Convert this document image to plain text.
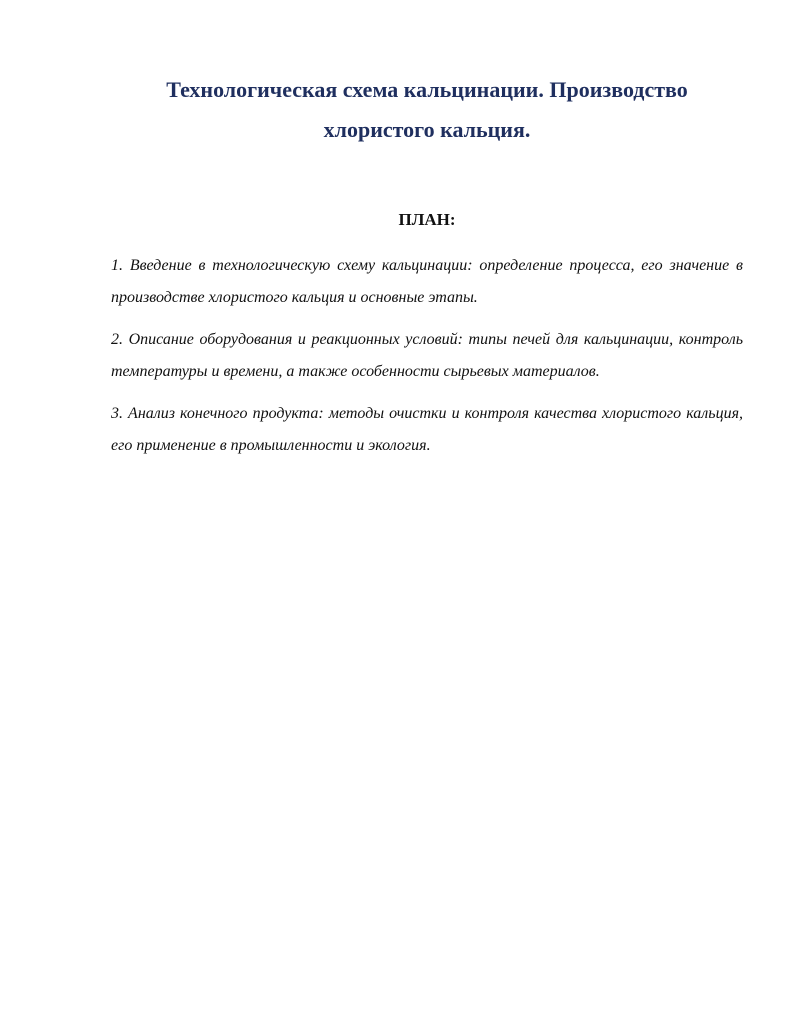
Технологическая схема кальцинации. Производство хлористого кальция.
ПЛАН:

1. Введение в технологическую схему кальцинации: определение процесса, его значение в производстве хлористого кальция и основные этапы.

2. Описание оборудования и реакционных условий: типы печей для кальцинации, контроль температуры и времени, а также особенности сырьевых материалов.

3. Анализ конечного продукта: методы очистки и контроля качества хлористого кальция, его применение в промышленности и экология.
